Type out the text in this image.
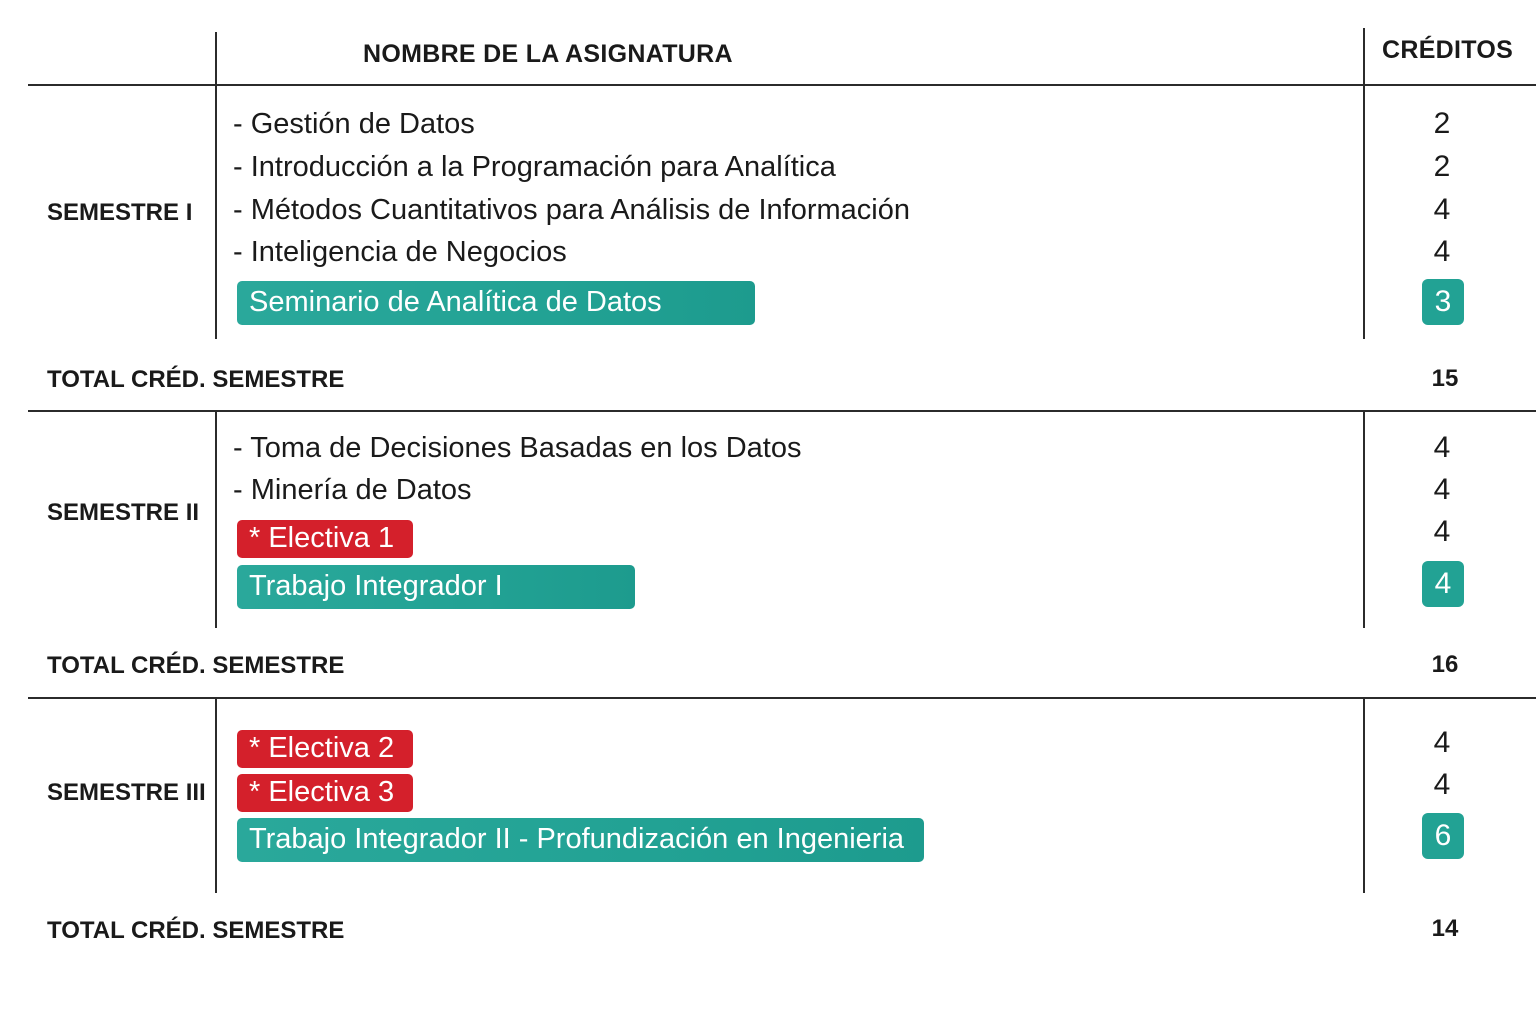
NOMBRE DE LA ASIGNATURA	CRÉDITOS
SEMESTRE I
- Gestión de Datos	2
- Introducción a la Programación para Analítica	2
- Métodos Cuantitativos para Análisis de Información	4
- Inteligencia de Negocios	4
Seminario de Analítica de Datos	3
TOTAL CRÉD. SEMESTRE	15
SEMESTRE II
- Toma de Decisiones Basadas en los Datos	4
- Minería de Datos	4
* Electiva 1	4
Trabajo Integrador I	4
TOTAL CRÉD. SEMESTRE	16
SEMESTRE III
* Electiva 2	4
* Electiva 3	4
Trabajo Integrador II - Profundización en Ingenieria	6
TOTAL CRÉD. SEMESTRE	14
